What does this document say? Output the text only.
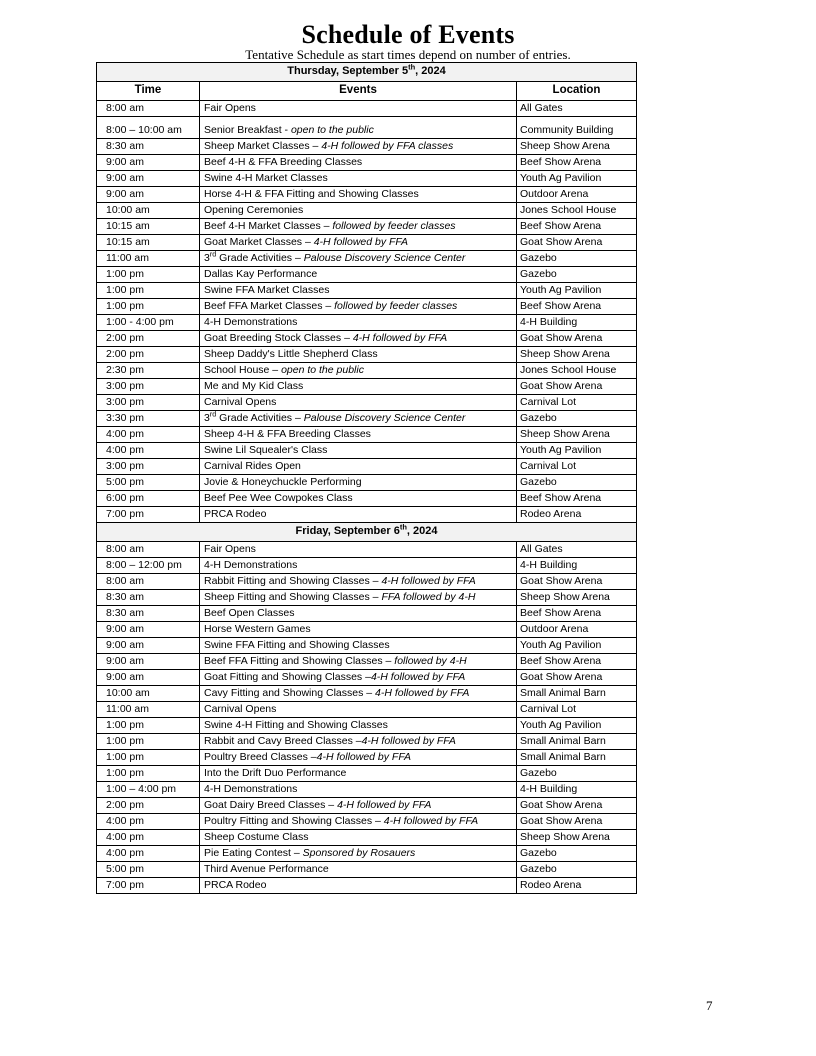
Schedule of Events
Tentative Schedule as start times depend on number of entries.
Thursday, September 5th, 2024		
Time	Events	Location
8:00 am	Fair Opens	All Gates
8:00 – 10:00 am	Senior Breakfast - open to the public	Community Building
8:30 am	Sheep Market Classes – 4-H followed by FFA classes	Sheep Show Arena
9:00 am	Beef 4-H & FFA Breeding Classes	Beef Show Arena
9:00 am	Swine 4-H Market Classes	Youth Ag Pavilion
9:00 am	Horse 4-H & FFA Fitting and Showing Classes	Outdoor Arena
10:00 am	Opening Ceremonies	Jones School House
10:15 am	Beef 4-H Market Classes – followed by feeder classes	Beef Show Arena
10:15 am	Goat Market Classes – 4-H followed by FFA	Goat Show Arena
11:00 am	3rd Grade Activities – Palouse Discovery Science Center	Gazebo
1:00 pm	Dallas Kay Performance	Gazebo
1:00 pm	Swine FFA Market Classes	Youth Ag Pavilion
1:00 pm	Beef FFA Market Classes – followed by feeder classes	Beef Show Arena
1:00 - 4:00 pm	4-H Demonstrations	4-H Building
2:00 pm	Goat Breeding Stock Classes – 4-H followed by FFA	Goat Show Arena
2:00 pm	Sheep Daddy's Little Shepherd Class	Sheep Show Arena
2:30 pm	School House – open to the public	Jones School House
3:00 pm	Me and My Kid Class	Goat Show Arena
3:00 pm	Carnival Opens	Carnival Lot
3:30 pm	3rd Grade Activities – Palouse Discovery Science Center	Gazebo
4:00 pm	Sheep 4-H & FFA Breeding Classes	Sheep Show Arena
4:00 pm	Swine Lil Squealer's Class	Youth Ag Pavilion
3:00 pm	Carnival Rides Open	Carnival Lot
5:00 pm	Jovie & Honeychuckle Performing	Gazebo
6:00 pm	Beef Pee Wee Cowpokes Class	Beef Show Arena
7:00 pm	PRCA Rodeo	Rodeo Arena
Friday, September 6th, 2024		
8:00 am	Fair Opens	All Gates
8:00 – 12:00 pm	4-H Demonstrations	4-H Building
8:00 am	Rabbit Fitting and Showing Classes – 4-H followed by FFA	Goat Show Arena
8:30 am	Sheep Fitting and Showing Classes – FFA followed by 4-H	Sheep Show Arena
8:30 am	Beef Open Classes	Beef Show Arena
9:00 am	Horse Western Games	Outdoor Arena
9:00 am	Swine FFA Fitting and Showing Classes	Youth Ag Pavilion
9:00 am	Beef FFA Fitting and Showing Classes – followed by 4-H	Beef Show Arena
9:00 am	Goat Fitting and Showing Classes –4-H followed by FFA	Goat Show Arena
10:00 am	Cavy Fitting and Showing Classes – 4-H followed by FFA	Small Animal Barn
11:00 am	Carnival Opens	Carnival Lot
1:00 pm	Swine 4-H Fitting and Showing Classes	Youth Ag Pavilion
1:00 pm	Rabbit and Cavy Breed Classes –4-H followed by FFA	Small Animal Barn
1:00 pm	Poultry Breed Classes –4-H followed by FFA	Small Animal Barn
1:00 pm	Into the Drift Duo Performance	Gazebo
1:00 – 4:00 pm	4-H Demonstrations	4-H Building
2:00 pm	Goat Dairy Breed Classes – 4-H followed by FFA	Goat Show Arena
4:00 pm	Poultry Fitting and Showing Classes – 4-H followed by FFA	Goat Show Arena
4:00 pm	Sheep Costume Class	Sheep Show Arena
4:00 pm	Pie Eating Contest – Sponsored by Rosauers	Gazebo
5:00 pm	Third Avenue Performance	Gazebo
7:00 pm	PRCA Rodeo	Rodeo Arena
7
